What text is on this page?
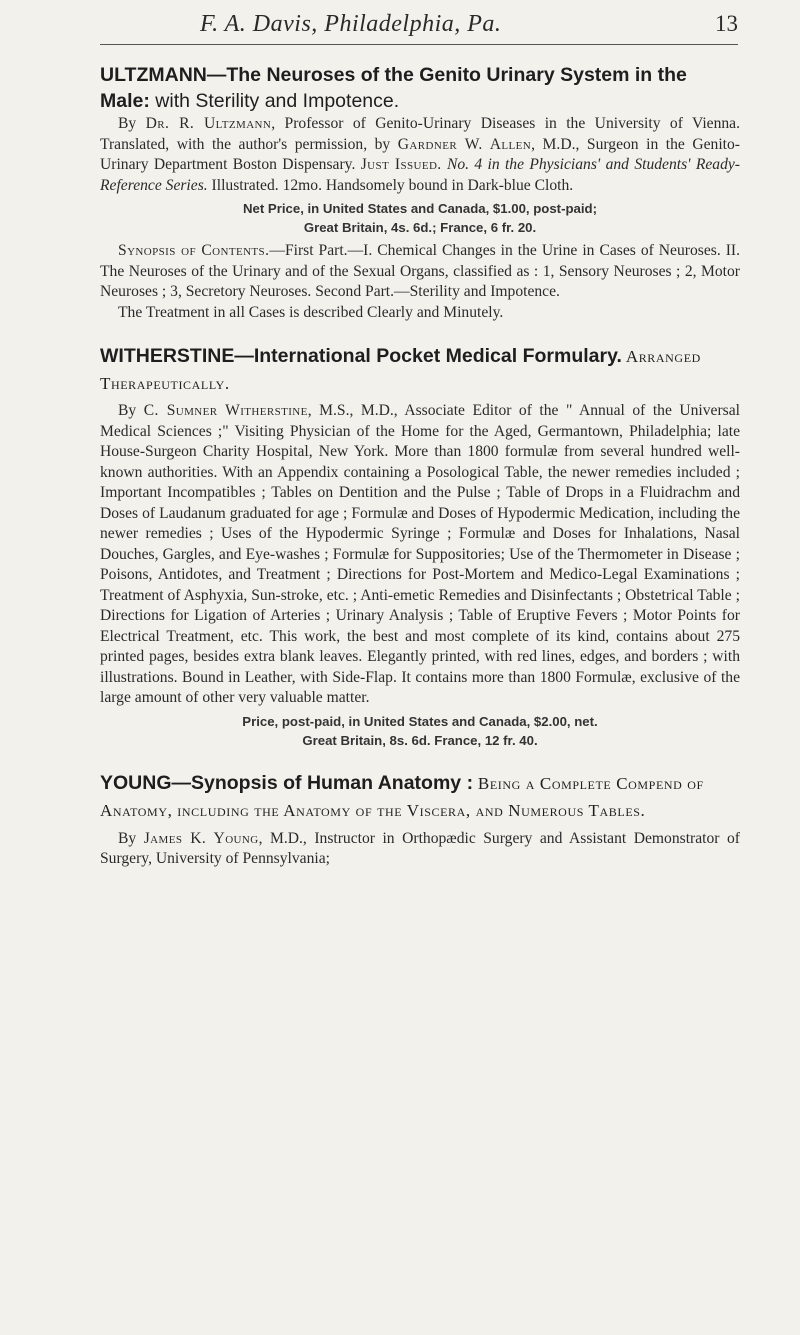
F. A. Davis, Philadelphia, Pa.	13
ULTZMANN—The Neuroses of the Genito Urinary System in the Male: with Sterility and Impotence.

By Dr. R. Ultzmann, Professor of Genito-Urinary Diseases in the University of Vienna. Translated, with the author's permission, by Gardner W. Allen, M.D., Surgeon in the Genito-Urinary Department Boston Dispensary. Just Issued. No. 4 in the Physicians' and Students' Ready-Reference Series. Illustrated. 12mo. Handsomely bound in Dark-blue Cloth.

Net Price, in United States and Canada, $1.00, post-paid;
Great Britain, 4s. 6d.; France, 6 fr. 20.

Synopsis of Contents.—First Part.—I. Chemical Changes in the Urine in Cases of Neuroses. II. The Neuroses of the Urinary and of the Sexual Organs, classified as : 1, Sensory Neuroses ; 2, Motor Neuroses ; 3, Secretory Neuroses. Second Part.—Sterility and Impotence.

The Treatment in all Cases is described Clearly and Minutely.

WITHERSTINE—International Pocket Medical Formulary. Arranged Therapeutically.

By C. Sumner Witherstine, M.S., M.D., Associate Editor of the " Annual of the Universal Medical Sciences ;" Visiting Physician of the Home for the Aged, Germantown, Philadelphia; late House-Surgeon Charity Hospital, New York. More than 1800 formulæ from several hundred well-known authorities. With an Appendix containing a Posological Table, the newer remedies included ; Important Incompatibles ; Tables on Dentition and the Pulse ; Table of Drops in a Fluidrachm and Doses of Laudanum graduated for age ; Formulæ and Doses of Hypodermic Medication, including the newer remedies ; Uses of the Hypodermic Syringe ; Formulæ and Doses for Inhalations, Nasal Douches, Gargles, and Eye-washes ; Formulæ for Suppositories; Use of the Thermometer in Disease ; Poisons, Antidotes, and Treatment ; Directions for Post-Mortem and Medico-Legal Examinations ; Treatment of Asphyxia, Sun-stroke, etc. ; Anti-emetic Remedies and Disinfectants ; Obstetrical Table ; Directions for Ligation of Arteries ; Urinary Analysis ; Table of Eruptive Fevers ; Motor Points for Electrical Treatment, etc. This work, the best and most complete of its kind, contains about 275 printed pages, besides extra blank leaves. Elegantly printed, with red lines, edges, and borders ; with illustrations. Bound in Leather, with Side-Flap. It contains more than 1800 Formulæ, exclusive of the large amount of other very valuable matter.

Price, post-paid, in United States and Canada, $2.00, net.
Great Britain, 8s. 6d. France, 12 fr. 40.
YOUNG—Synopsis of Human Anatomy : Being a Complete Compend of Anatomy, including the Anatomy of the Viscera, and Numerous Tables.

By James K. Young, M.D., Instructor in Orthopædic Surgery and Assistant Demonstrator of Surgery, University of Pennsylvania;
